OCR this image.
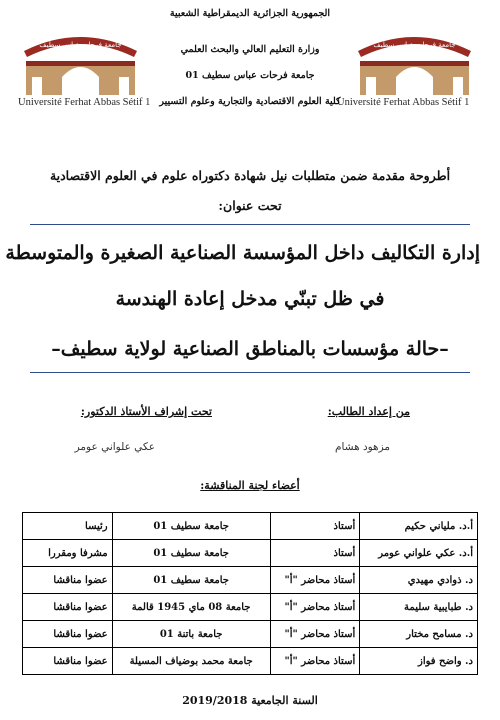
جامعة فرحات عباس سطيف
Université Ferhat Abbas Sétif 1
جامعة فرحات عباس سطيف
Université Ferhat Abbas Sétif 1
الجمهورية الجزائرية الديمقراطية الشعبية
وزارة التعليم العالي والبحث العلمي
جامعة فرحات عباس سطيف 01
كلية العلوم الاقتصادية والتجارية وعلوم التسيير
أطروحة مقدمة ضمن متطلبات نيل شهادة دكتوراه علوم في العلوم الاقتصادية
تحت عنوان:
إدارة التكاليف داخل المؤسسة الصناعية الصغيرة والمتوسطة
في ظل تبنّي مدخل إعادة الهندسة
–حالة مؤسسات بالمناطق الصناعية لولاية سطيف–
من إعداد الطالب:
مزهود هشام
تحت إشراف الأستاذ الدكتور:
عكي علواني عومر
أعضاء لجنة المناقشة:
أ.د. ملياني حكيم	أستاذ	جامعة سطيف 01	رئيسا
أ.د. عكي علواني عومر	أستاذ	جامعة سطيف 01	مشرفا ومقررا
د. ذوادي مهيدي	أستاذ محاضر "أ"	جامعة سطيف 01	عضوا مناقشا
د. طبايبية سليمة	أستاذ محاضر "أ"	جامعة 08 ماي 1945 قالمة	عضوا مناقشا
د. مسامح مختار	أستاذ محاضر "أ"	جامعة باتنة 01	عضوا مناقشا
د. واضح فواز	أستاذ محاضر "أ"	جامعة محمد بوضياف المسيلة	عضوا مناقشا
السنة الجامعية 2019/2018
